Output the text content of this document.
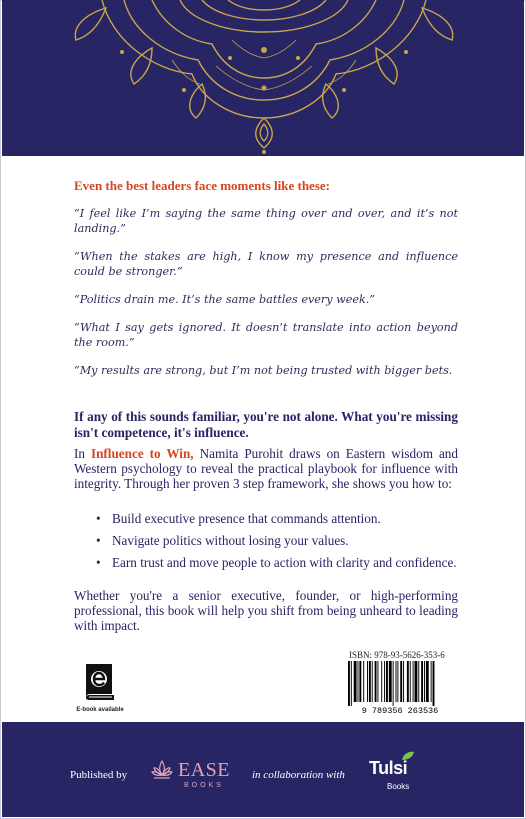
Even the best leaders face moments like these:

“I feel like I’m saying the same thing over and over, and it’s not landing.”

“When the stakes are high, I know my presence and influence could be stronger.”

“Politics drain me. It’s the same battles every week.”

“What I say gets ignored. It doesn’t translate into action beyond the room.”

“My results are strong, but I’m not being trusted with bigger bets.

If any of this sounds familiar, you're not alone. What you're missing isn't competence, it's influence.

In Influence to Win, Namita Purohit draws on Eastern wisdom and Western psychology to reveal the practical playbook for influence with integrity. Through her proven 3 step framework, she shows you how to:

• Build executive presence that commands attention.
• Navigate politics without losing your values.
• Earn trust and move people to action with clarity and confidence.

Whether you're a senior executive, founder, or high-performing professional, this book will help you shift from being unheard to leading with impact.

E-book available
ISBN: 978-93-5626-353-6
9 789356 263536
Published by	EASE
BOOKS
in collaboration with Tulsi
Books
